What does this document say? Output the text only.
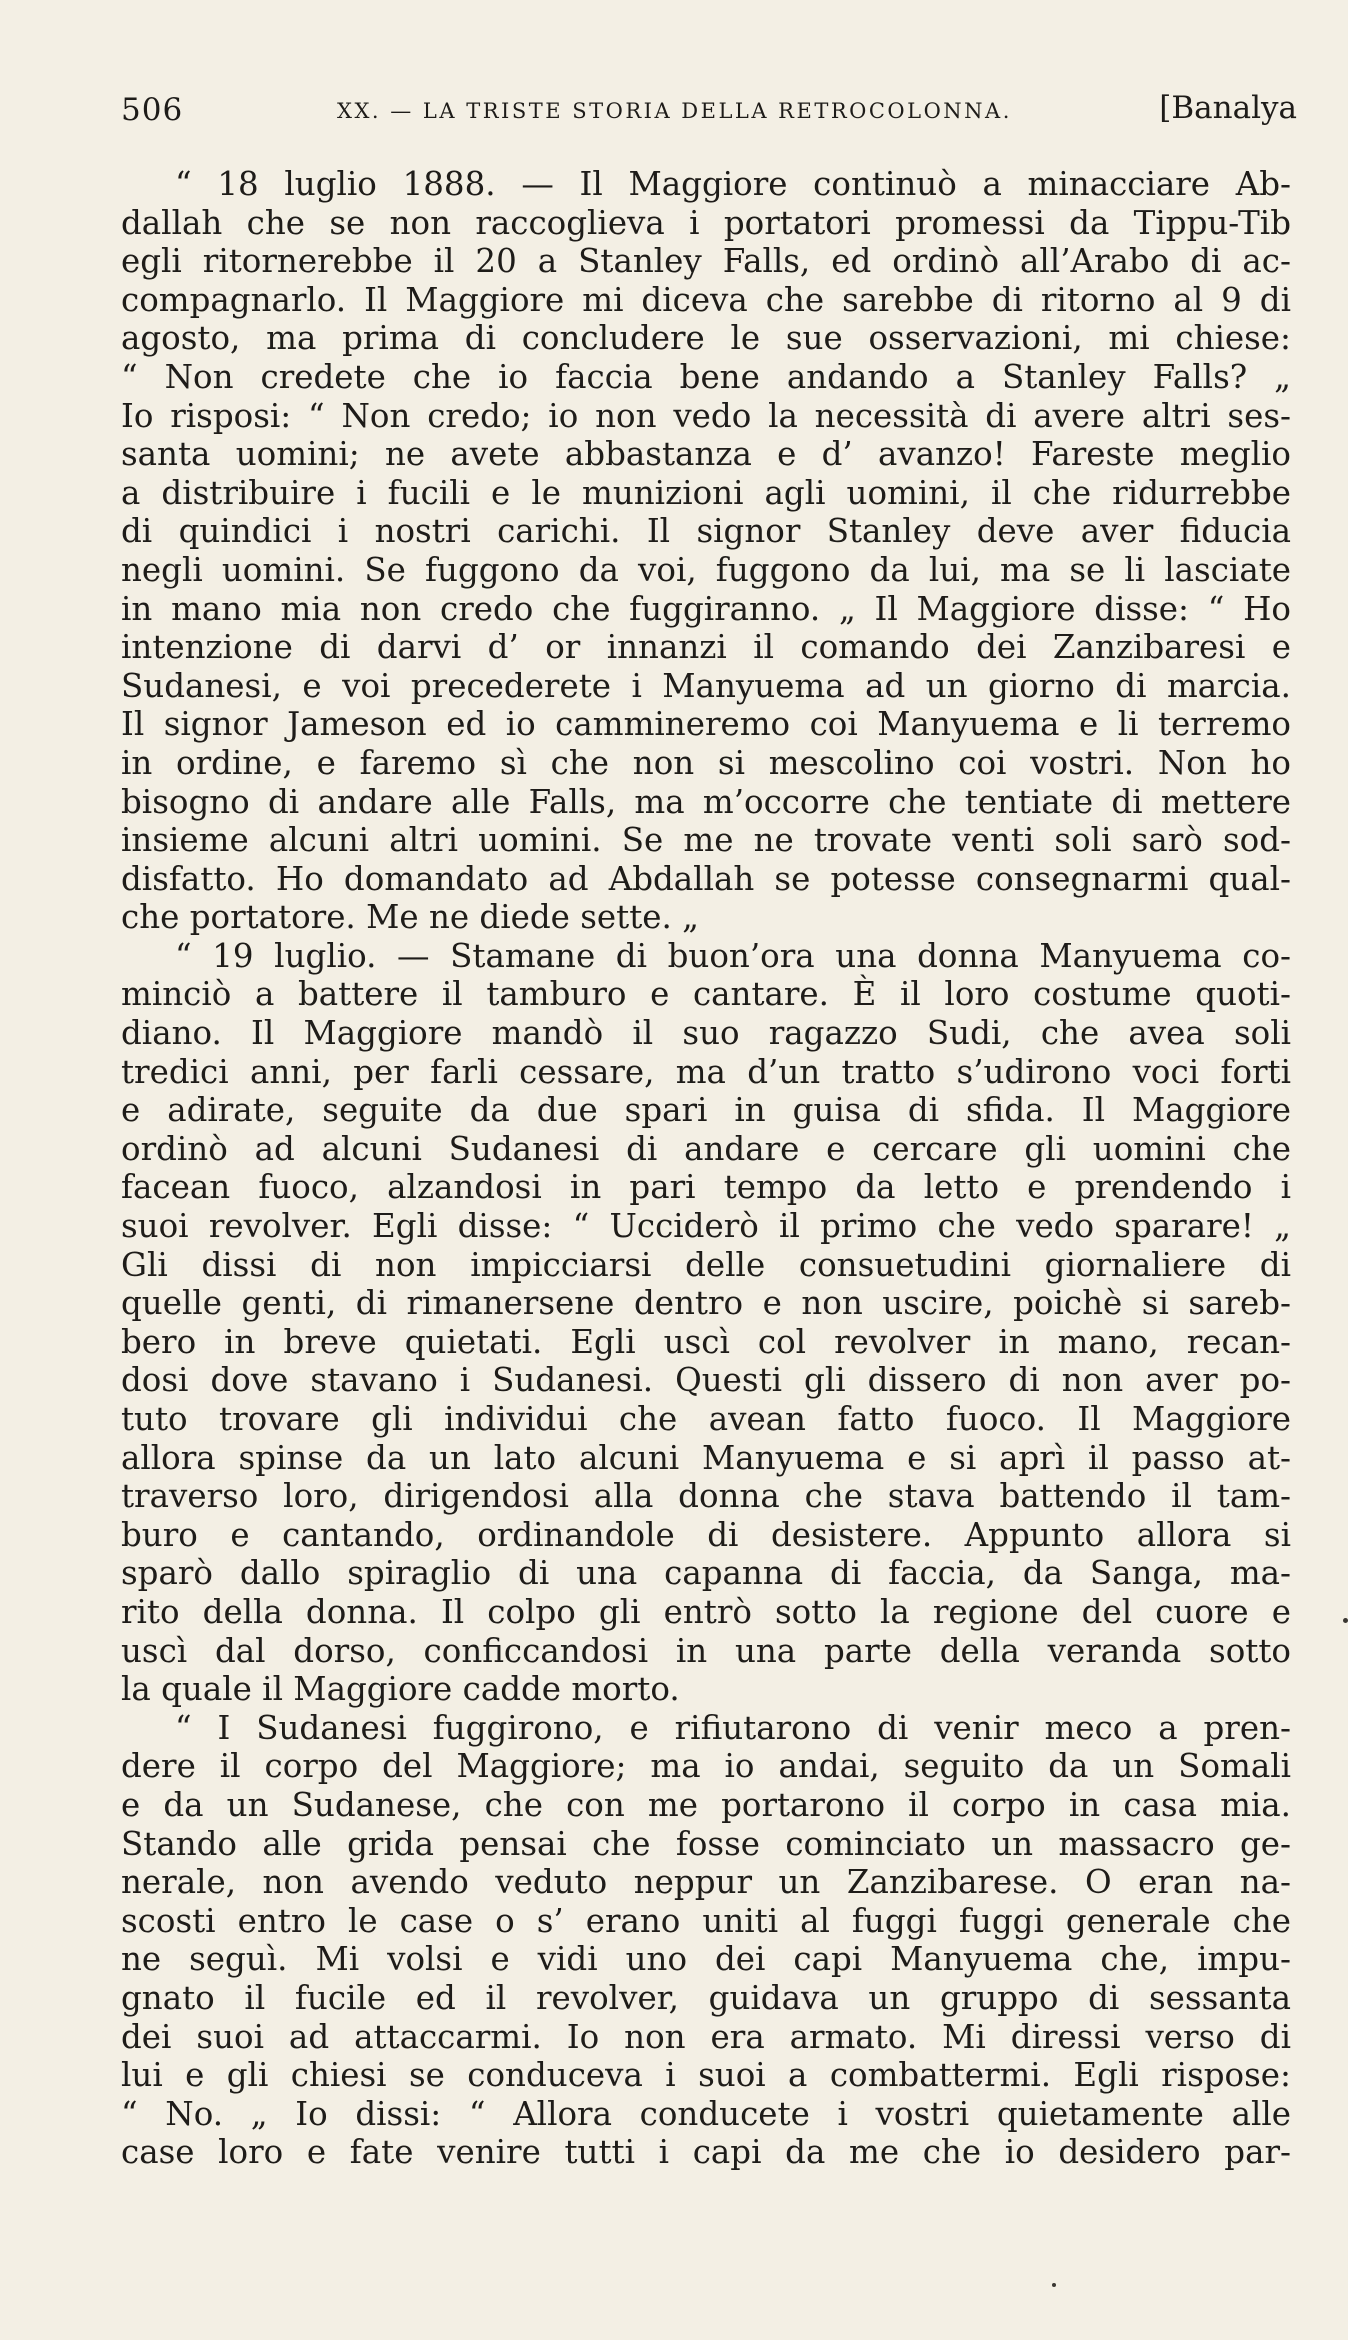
506	XX. — LA TRISTE STORIA DELLA RETROCOLONNA.	[Banalya
“ 18 luglio 1888. — Il Maggiore continuò a minacciare Ab-
dallah che se non raccoglieva i portatori promessi da Tippu-Tib
egli ritornerebbe il 20 a Stanley Falls, ed ordinò all’Arabo di ac-
compagnarlo. Il Maggiore mi diceva che sarebbe di ritorno al 9 di
agosto, ma prima di concludere le sue osservazioni, mi chiese:
“ Non credete che io faccia bene andando a Stanley Falls? „
Io risposi: “ Non credo; io non vedo la necessità di avere altri ses-
santa uomini; ne avete abbastanza e d’ avanzo! Fareste meglio
a distribuire i fucili e le munizioni agli uomini, il che ridurrebbe
di quindici i nostri carichi. Il signor Stanley deve aver fiducia
negli uomini. Se fuggono da voi, fuggono da lui, ma se li lasciate
in mano mia non credo che fuggiranno. „ Il Maggiore disse: “ Ho
intenzione di darvi d’ or innanzi il comando dei Zanzibaresi e
Sudanesi, e voi precederete i Manyuema ad un giorno di marcia.
Il signor Jameson ed io cammineremo coi Manyuema e li terremo
in ordine, e faremo sì che non si mescolino coi vostri. Non ho
bisogno di andare alle Falls, ma m’occorre che tentiate di mettere
insieme alcuni altri uomini. Se me ne trovate venti soli sarò sod-
disfatto. Ho domandato ad Abdallah se potesse consegnarmi qual-
che portatore. Me ne diede sette. „
“ 19 luglio. — Stamane di buon’ora una donna Manyuema co-
minciò a battere il tamburo e cantare. È il loro costume quoti-
diano. Il Maggiore mandò il suo ragazzo Sudi, che avea soli
tredici anni, per farli cessare, ma d’un tratto s’udirono voci forti
e adirate, seguite da due spari in guisa di sfida. Il Maggiore
ordinò ad alcuni Sudanesi di andare e cercare gli uomini che
facean fuoco, alzandosi in pari tempo da letto e prendendo i
suoi revolver. Egli disse: “ Ucciderò il primo che vedo sparare! „
Gli dissi di non impicciarsi delle consuetudini giornaliere di
quelle genti, di rimanersene dentro e non uscire, poichè si sareb-
bero in breve quietati. Egli uscì col revolver in mano, recan-
dosi dove stavano i Sudanesi. Questi gli dissero di non aver po-
tuto trovare gli individui che avean fatto fuoco. Il Maggiore
allora spinse da un lato alcuni Manyuema e si aprì il passo at-
traverso loro, dirigendosi alla donna che stava battendo il tam-
buro e cantando, ordinandole di desistere. Appunto allora si
sparò dallo spiraglio di una capanna di faccia, da Sanga, ma-
rito della donna. Il colpo gli entrò sotto la regione del cuore e
uscì dal dorso, conficcandosi in una parte della veranda sotto
la quale il Maggiore cadde morto.
“ I Sudanesi fuggirono, e rifiutarono di venir meco a pren-
dere il corpo del Maggiore; ma io andai, seguito da un Somali
e da un Sudanese, che con me portarono il corpo in casa mia.
Stando alle grida pensai che fosse cominciato un massacro ge-
nerale, non avendo veduto neppur un Zanzibarese. O eran na-
scosti entro le case o s’ erano uniti al fuggi fuggi generale che
ne seguì. Mi volsi e vidi uno dei capi Manyuema che, impu-
gnato il fucile ed il revolver, guidava un gruppo di sessanta
dei suoi ad attaccarmi. Io non era armato. Mi diressi verso di
lui e gli chiesi se conduceva i suoi a combattermi. Egli rispose:
“ No. „ Io dissi: “ Allora conducete i vostri quietamente alle
case loro e fate venire tutti i capi da me che io desidero par-
